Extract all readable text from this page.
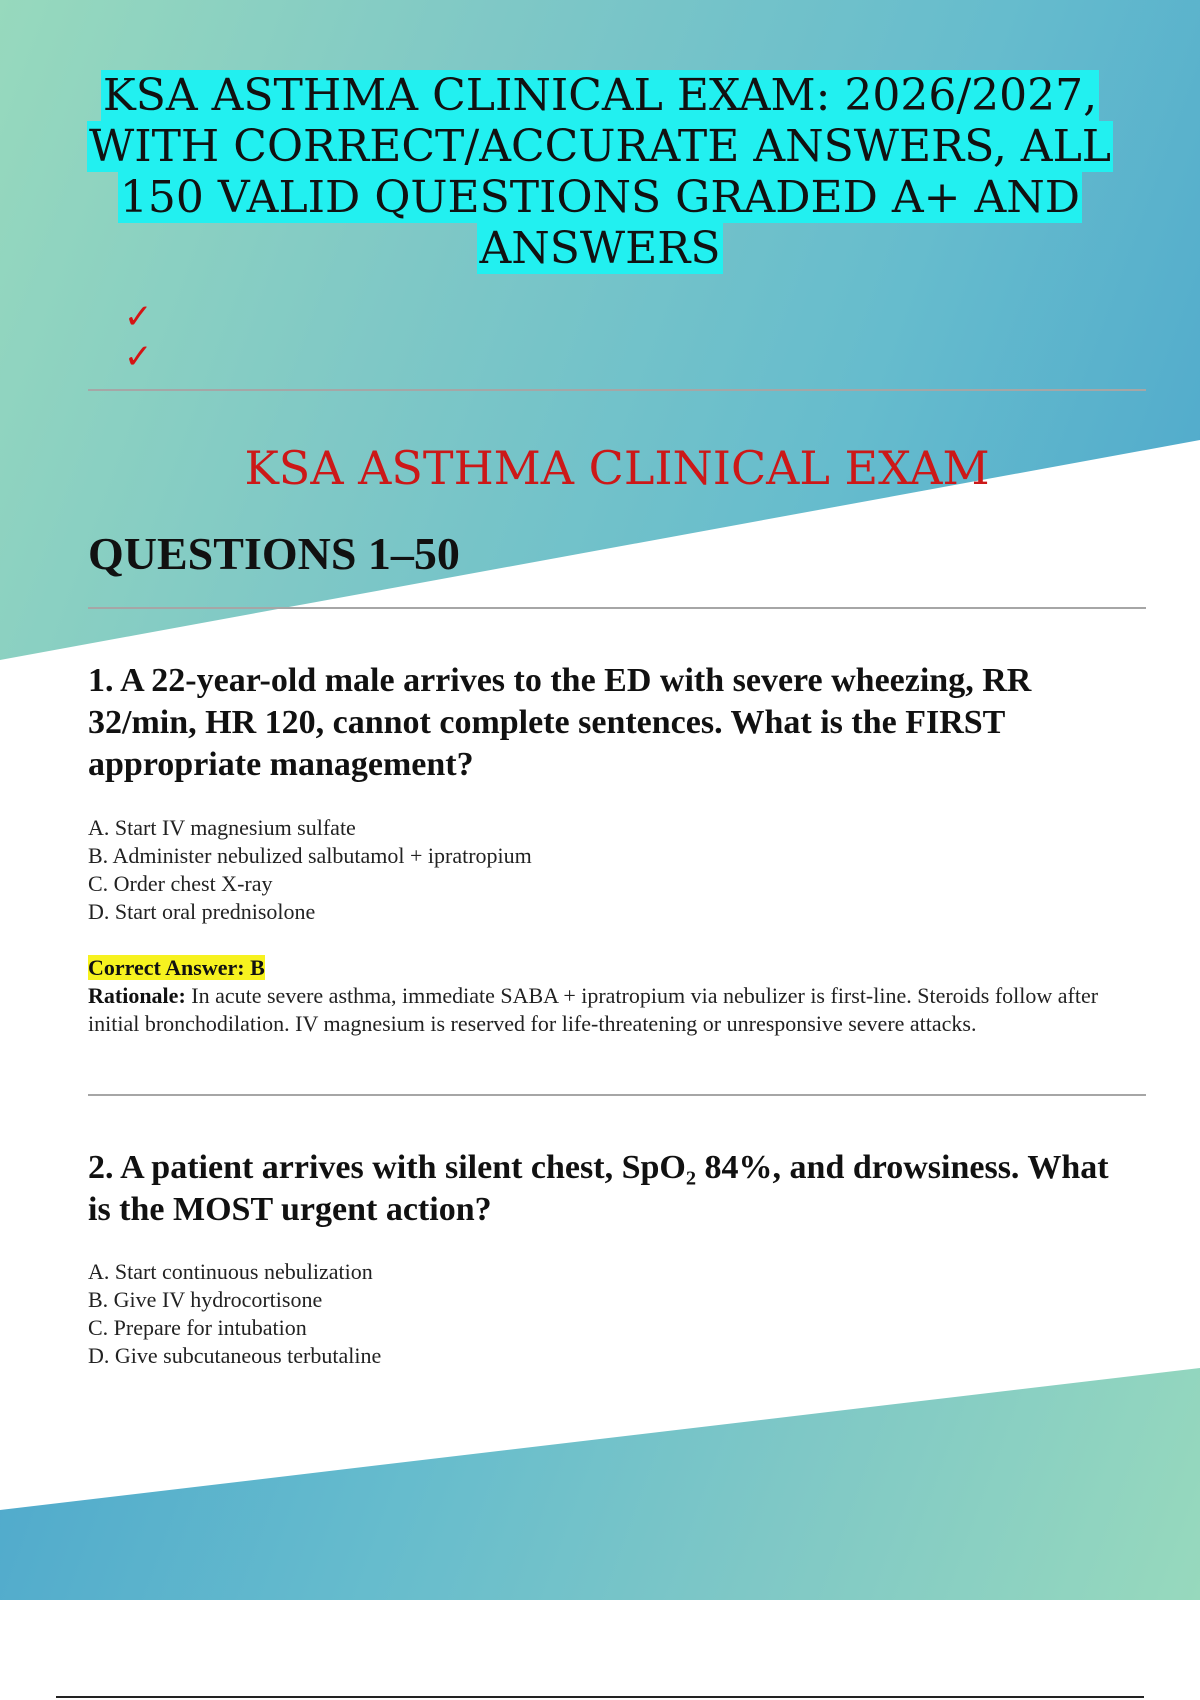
KSA ASTHMA CLINICAL EXAM: 2026/2027, WITH CORRECT/ACCURATE ANSWERS, ALL 150 VALID QUESTIONS GRADED A+ AND ANSWERS
✓
✓
KSA ASTHMA CLINICAL EXAM
QUESTIONS 1–50

1. A 22-year-old male arrives to the ED with severe wheezing, RR 32/min, HR 120, cannot complete sentences. What is the FIRST appropriate management?

A. Start IV magnesium sulfate
B. Administer nebulized salbutamol + ipratropium
C. Order chest X-ray
D. Start oral prednisolone
Correct Answer: B

Rationale: In acute severe asthma, immediate SABA + ipratropium via nebulizer is first-line. Steroids follow after initial bronchodilation. IV magnesium is reserved for life-threatening or unresponsive severe attacks.

2. A patient arrives with silent chest, SpO₂ 84%, and drowsiness. What is the MOST urgent action?

A. Start continuous nebulization
B. Give IV hydrocortisone
C. Prepare for intubation
D. Give subcutaneous terbutaline
